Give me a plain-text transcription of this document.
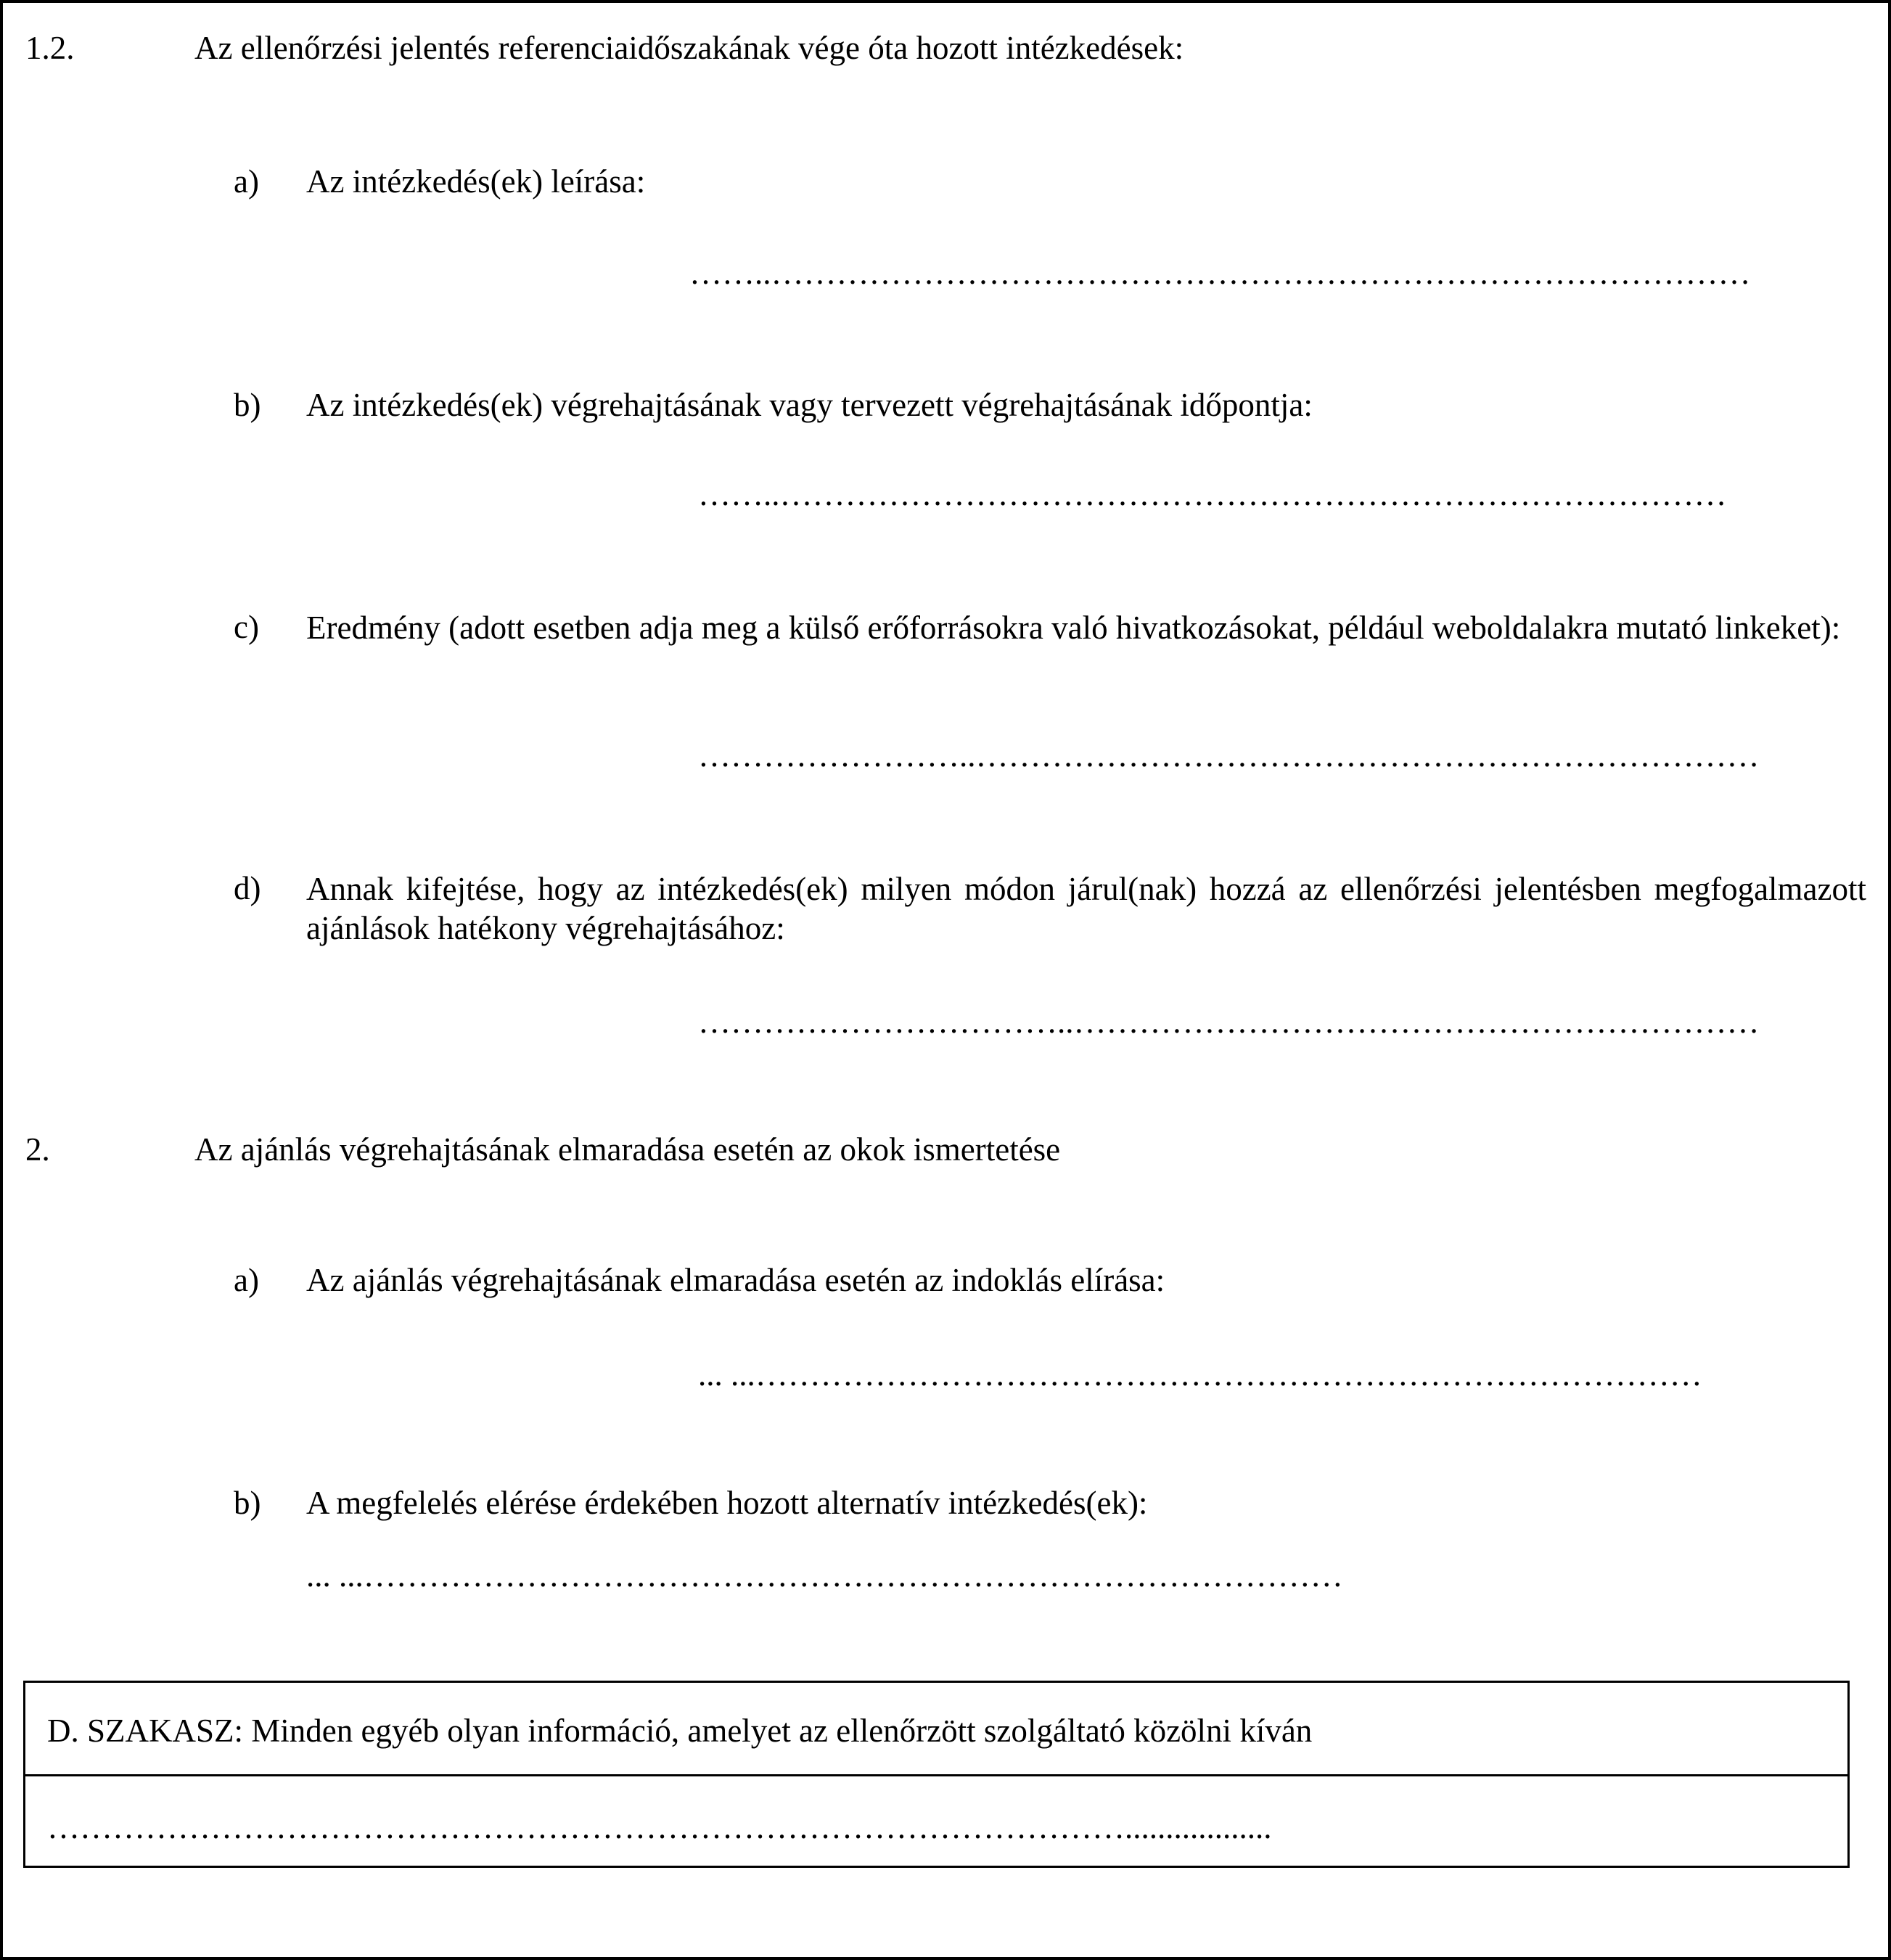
1.2.	Az ellenőrzési jelentés referenciaidőszakának vége óta hozott intézkedések:
a) Az intézkedés(ek) leírása:
……..………………………………………………………………………………
b) Az intézkedés(ek) végrehajtásának vagy tervezett végrehajtásának időpontja:
……..……………………………………………………………………………
c) Eredmény (adott esetben adja meg a külső erőforrásokra való hivatkozásokat, például weboldalakra mutató linkeket):
……………………..………………………………………………………………
d) Annak kifejtése, hogy az intézkedés(ek) milyen módon járul(nak) hozzá az ellenőrzési jelentésben megfogalmazott ajánlások hatékony végrehajtásához:
……………………………..………………………………………………………
2.	Az ajánlás végrehajtásának elmaradása esetén az okok ismertetése
a) Az ajánlás végrehajtásának elmaradása esetén az indoklás elírása:
... ...……………………………………………………………………………
b) A megfelelés elérése érdekében hozott alternatív intézkedés(ek):
... ...………………………………………………………………………………
D. SZAKASZ: Minden egyéb olyan információ, amelyet az ellenőrzött szolgáltató közölni kíván
………………………………………………………………………………………..................
